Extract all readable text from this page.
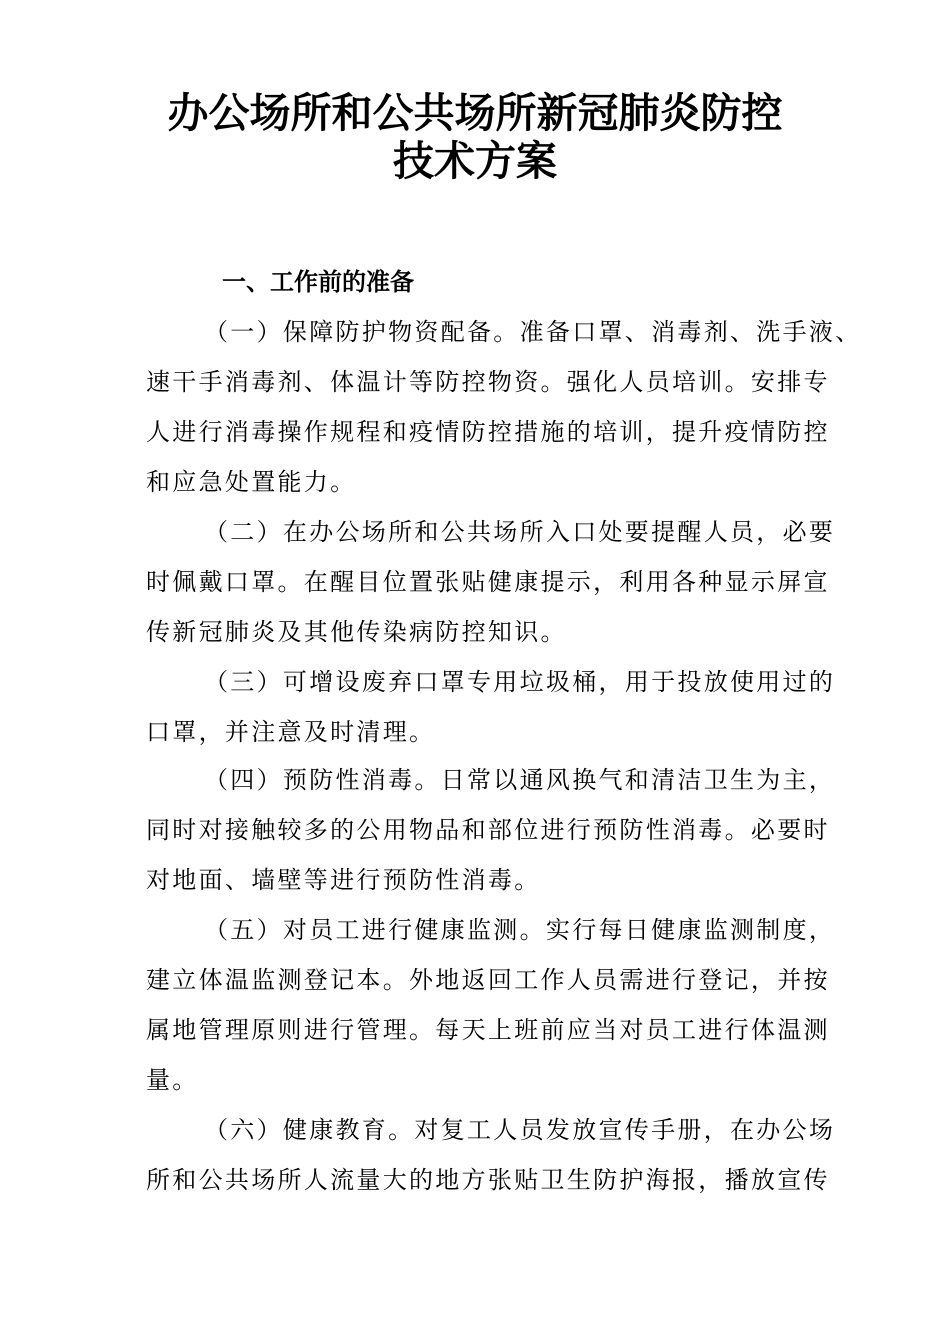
办公场所和公共场所新冠肺炎防控
技术方案
一、工作前的准备

（一）保障防护物资配备。准备口罩、消毒剂、洗手液、

速干手消毒剂、体温计等防控物资。强化人员培训。安排专

人进行消毒操作规程和疫情防控措施的培训，提升疫情防控

和应急处置能力。

（二）在办公场所和公共场所入口处要提醒人员，必要

时佩戴口罩。在醒目位置张贴健康提示，利用各种显示屏宣

传新冠肺炎及其他传染病防控知识。

（三）可增设废弃口罩专用垃圾桶，用于投放使用过的

口罩，并注意及时清理。

（四）预防性消毒。日常以通风换气和清洁卫生为主，

同时对接触较多的公用物品和部位进行预防性消毒。必要时

对地面、墙壁等进行预防性消毒。

（五）对员工进行健康监测。实行每日健康监测制度，

建立体温监测登记本。外地返回工作人员需进行登记，并按

属地管理原则进行管理。每天上班前应当对员工进行体温测

量。

（六）健康教育。对复工人员发放宣传手册，在办公场

所和公共场所人流量大的地方张贴卫生防护海报，播放宣传
